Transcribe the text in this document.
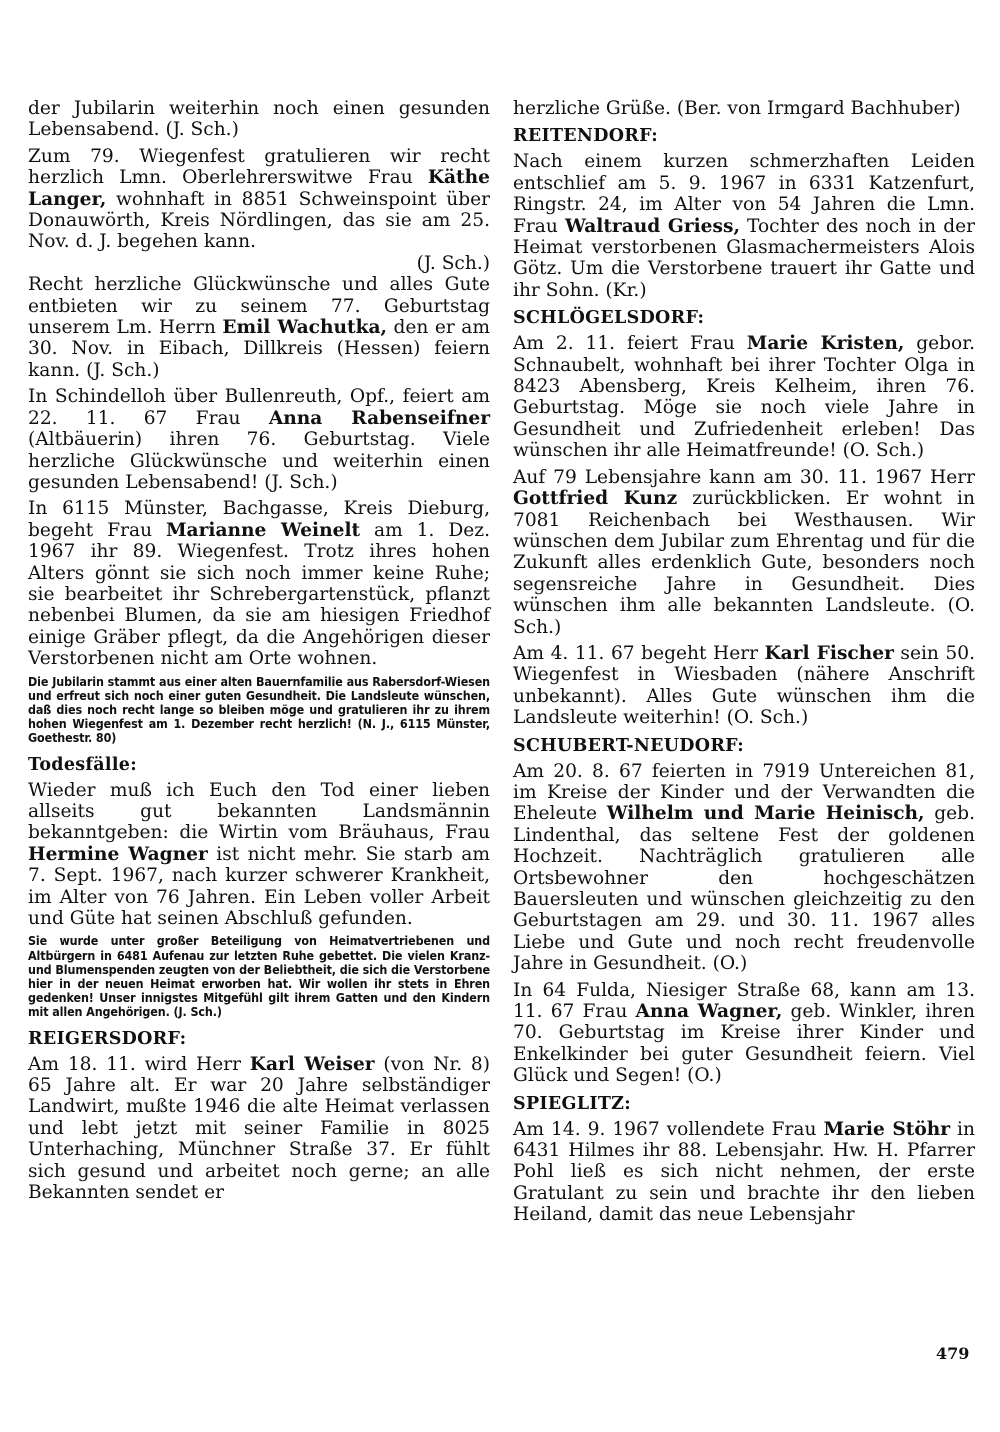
der Jubilarin weiterhin noch einen gesunden Lebensabend. (J. Sch.)

Zum 79. Wiegenfest gratulieren wir recht herzlich Lmn. Oberlehrerswitwe Frau Käthe Langer, wohnhaft in 8851 Schweinspoint über Donauwörth, Kreis Nördlingen, das sie am 25. Nov. d. J. begehen kann.

(J. Sch.)

Recht herzliche Glückwünsche und alles Gute entbieten wir zu seinem 77. Geburtstag unserem Lm. Herrn Emil Wachutka, den er am 30. Nov. in Eibach, Dillkreis (Hessen) feiern kann. (J. Sch.)

In Schindelloh über Bullenreuth, Opf., feiert am 22. 11. 67 Frau Anna Rabenseifner (Altbäuerin) ihren 76. Geburtstag. Viele herzliche Glückwünsche und weiterhin einen gesunden Lebensabend! (J. Sch.)

In 6115 Münster, Bachgasse, Kreis Dieburg, begeht Frau Marianne Weinelt am 1. Dez. 1967 ihr 89. Wiegenfest. Trotz ihres hohen Alters gönnt sie sich noch immer keine Ruhe; sie bearbeitet ihr Schrebergartenstück, pflanzt nebenbei Blumen, da sie am hiesigen Friedhof einige Gräber pflegt, da die Angehörigen dieser Verstorbenen nicht am Orte wohnen.

Die Jubilarin stammt aus einer alten Bauernfamilie aus Rabersdorf-Wiesen und erfreut sich noch einer guten Gesundheit. Die Landsleute wünschen, daß dies noch recht lange so bleiben möge und gratulieren ihr zu ihrem hohen Wiegenfest am 1. Dezember recht herzlich! (N. J., 6115 Münster, Goethestr. 80)

Todesfälle:

Wieder muß ich Euch den Tod einer lieben allseits gut bekannten Landsmännin bekanntgeben: die Wirtin vom Bräuhaus, Frau Hermine Wagner ist nicht mehr. Sie starb am 7. Sept. 1967, nach kurzer schwerer Krankheit, im Alter von 76 Jahren. Ein Leben voller Arbeit und Güte hat seinen Abschluß gefunden.

Sie wurde unter großer Beteiligung von Heimatvertriebenen und Altbürgern in 6481 Aufenau zur letzten Ruhe gebettet. Die vielen Kranz- und Blumenspenden zeugten von der Beliebtheit, die sich die Verstorbene hier in der neuen Heimat erworben hat. Wir wollen ihr stets in Ehren gedenken! Unser innigstes Mitgefühl gilt ihrem Gatten und den Kindern mit allen Angehörigen. (J. Sch.)

REIGERSDORF:

Am 18. 11. wird Herr Karl Weiser (von Nr. 8) 65 Jahre alt. Er war 20 Jahre selbständiger Landwirt, mußte 1946 die alte Heimat verlassen und lebt jetzt mit seiner Familie in 8025 Unterhaching, Münchner Straße 37. Er fühlt sich gesund und arbeitet noch gerne; an alle Bekannten sendet er

herzliche Grüße. (Ber. von Irmgard Bachhuber)

REITENDORF:

Nach einem kurzen schmerzhaften Leiden entschlief am 5. 9. 1967 in 6331 Katzenfurt, Ringstr. 24, im Alter von 54 Jahren die Lmn. Frau Waltraud Griess, Tochter des noch in der Heimat verstorbenen Glasmachermeisters Alois Götz. Um die Verstorbene trauert ihr Gatte und ihr Sohn. (Kr.)

SCHLÖGELSDORF:

Am 2. 11. feiert Frau Marie Kristen, gebor. Schnaubelt, wohnhaft bei ihrer Tochter Olga in 8423 Abensberg, Kreis Kelheim, ihren 76. Geburtstag. Möge sie noch viele Jahre in Gesundheit und Zufriedenheit erleben! Das wünschen ihr alle Heimatfreunde! (O. Sch.)

Auf 79 Lebensjahre kann am 30. 11. 1967 Herr Gottfried Kunz zurückblicken. Er wohnt in 7081 Reichenbach bei Westhausen. Wir wünschen dem Jubilar zum Ehrentag und für die Zukunft alles erdenklich Gute, besonders noch segensreiche Jahre in Gesundheit. Dies wünschen ihm alle bekannten Landsleute. (O. Sch.)

Am 4. 11. 67 begeht Herr Karl Fischer sein 50. Wiegenfest in Wiesbaden (nähere Anschrift unbekannt). Alles Gute wünschen ihm die Landsleute weiterhin! (O. Sch.)

SCHUBERT-NEUDORF:

Am 20. 8. 67 feierten in 7919 Untereichen 81, im Kreise der Kinder und der Verwandten die Eheleute Wilhelm und Marie Heinisch, geb. Lindenthal, das seltene Fest der goldenen Hochzeit. Nachträglich gratulieren alle Ortsbewohner den hochgeschätzen Bauersleuten und wünschen gleichzeitig zu den Geburtstagen am 29. und 30. 11. 1967 alles Liebe und Gute und noch recht freudenvolle Jahre in Gesundheit. (O.)

In 64 Fulda, Niesiger Straße 68, kann am 13. 11. 67 Frau Anna Wagner, geb. Winkler, ihren 70. Geburtstag im Kreise ihrer Kinder und Enkelkinder bei guter Gesundheit feiern. Viel Glück und Segen! (O.)

SPIEGLITZ:

Am 14. 9. 1967 vollendete Frau Marie Stöhr in 6431 Hilmes ihr 88. Lebensjahr. Hw. H. Pfarrer Pohl ließ es sich nicht nehmen, der erste Gratulant zu sein und brachte ihr den lieben Heiland, damit das neue Lebensjahr

479
